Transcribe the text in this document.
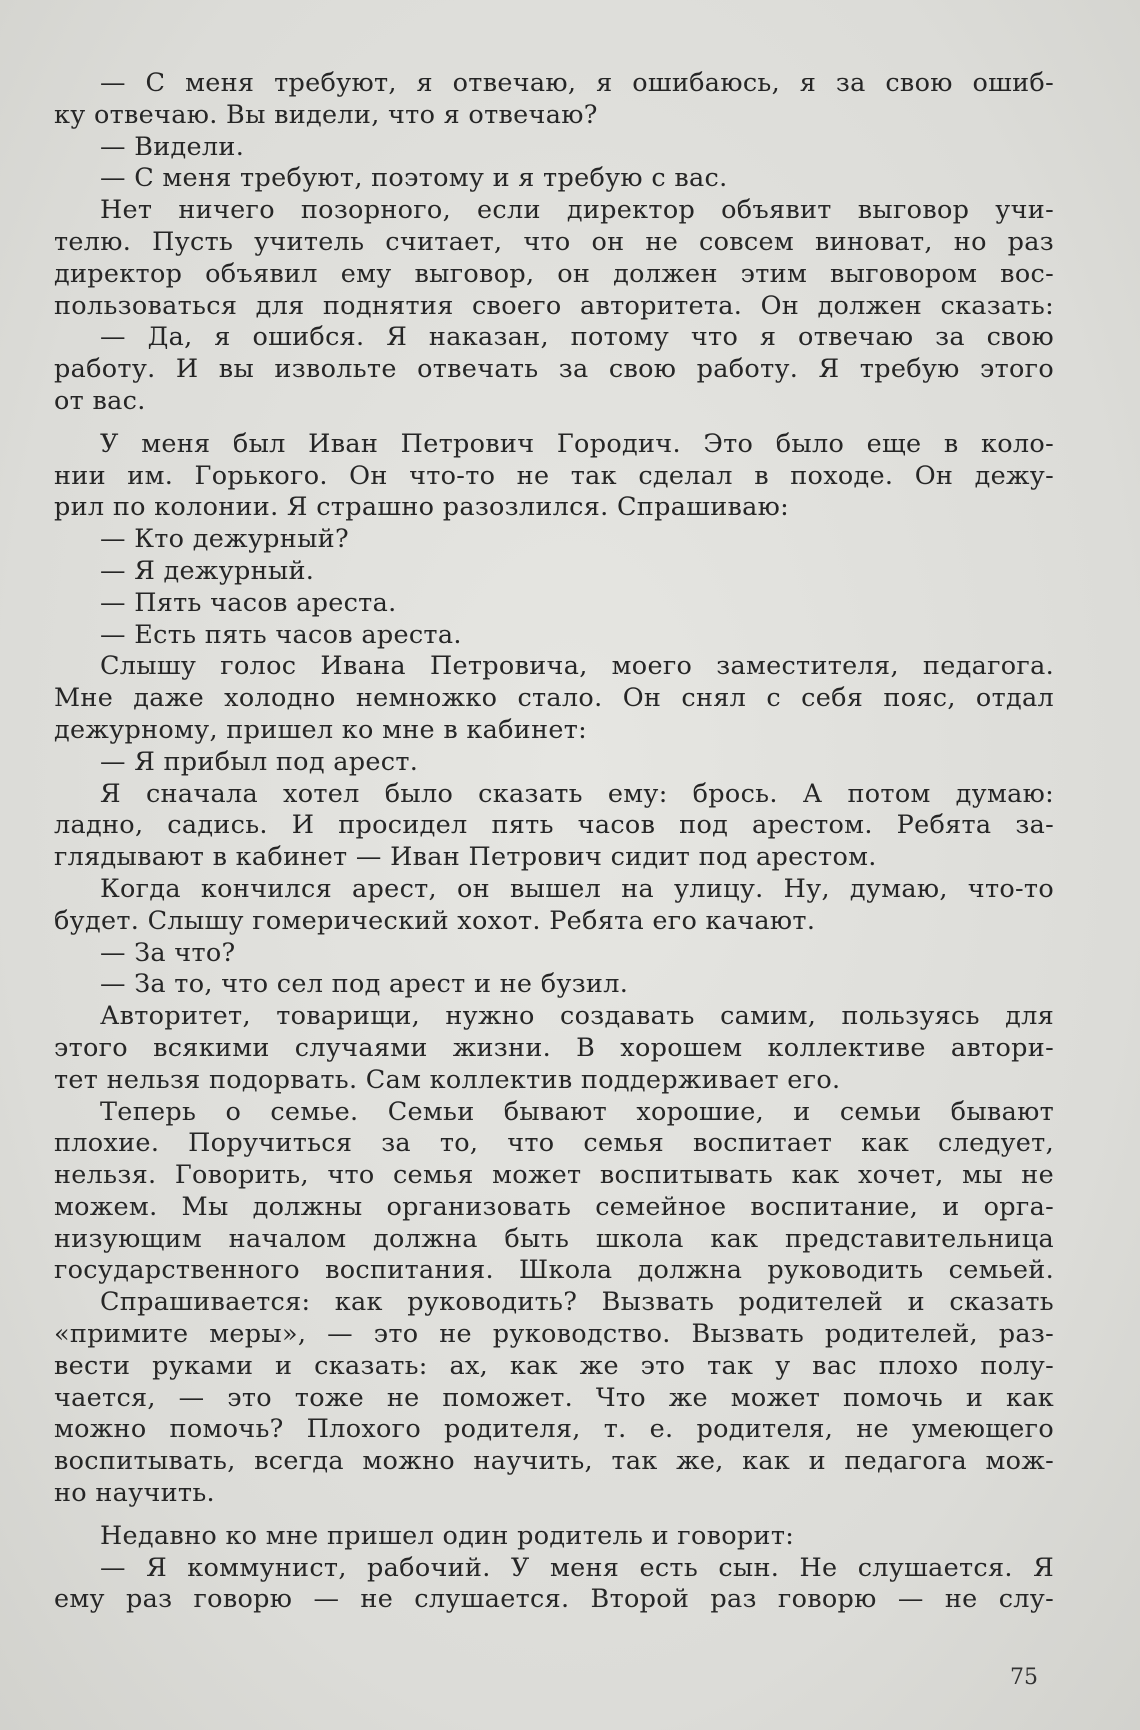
— С меня требуют, я отвечаю, я ошибаюсь, я за свою ошиб-
ку отвечаю. Вы видели, что я отвечаю?
— Видели.
— С меня требуют, поэтому и я требую с вас.
Нет ничего позорного, если директор объявит выговор учи-
телю. Пусть учитель считает, что он не совсем виноват, но раз
директор объявил ему выговор, он должен этим выговором вос-
пользоваться для поднятия своего авторитета. Он должен сказать:
— Да, я ошибся. Я наказан, потому что я отвечаю за свою
работу. И вы извольте отвечать за свою работу. Я требую этого
от вас.
У меня был Иван Петрович Городич. Это было еще в коло-
нии им. Горького. Он что-то не так сделал в походе. Он дежу-
рил по колонии. Я страшно разозлился. Спрашиваю:
— Кто дежурный?
— Я дежурный.
— Пять часов ареста.
— Есть пять часов ареста.
Слышу голос Ивана Петровича, моего заместителя, педагога.
Мне даже холодно немножко стало. Он снял с себя пояс, отдал
дежурному, пришел ко мне в кабинет:
— Я прибыл под арест.
Я сначала хотел было сказать ему: брось. А потом думаю:
ладно, садись. И просидел пять часов под арестом. Ребята за-
глядывают в кабинет — Иван Петрович сидит под арестом.
Когда кончился арест, он вышел на улицу. Ну, думаю, что-то
будет. Слышу гомерический хохот. Ребята его качают.
— За что?
— За то, что сел под арест и не бузил.
Авторитет, товарищи, нужно создавать самим, пользуясь для
этого всякими случаями жизни. В хорошем коллективе автори-
тет нельзя подорвать. Сам коллектив поддерживает его.
Теперь о семье. Семьи бывают хорошие, и семьи бывают
плохие. Поручиться за то, что семья воспитает как следует,
нельзя. Говорить, что семья может воспитывать как хочет, мы не
можем. Мы должны организовать семейное воспитание, и орга-
низующим началом должна быть школа как представительница
государственного воспитания. Школа должна руководить семьей.
Спрашивается: как руководить? Вызвать родителей и сказать
«примите меры», — это не руководство. Вызвать родителей, раз-
вести руками и сказать: ах, как же это так у вас плохо полу-
чается, — это тоже не поможет. Что же может помочь и как
можно помочь? Плохого родителя, т. е. родителя, не умеющего
воспитывать, всегда можно научить, так же, как и педагога мож-
но научить.
Недавно ко мне пришел один родитель и говорит:
— Я коммунист, рабочий. У меня есть сын. Не слушается. Я
ему раз говорю — не слушается. Второй раз говорю — не слу-
75
